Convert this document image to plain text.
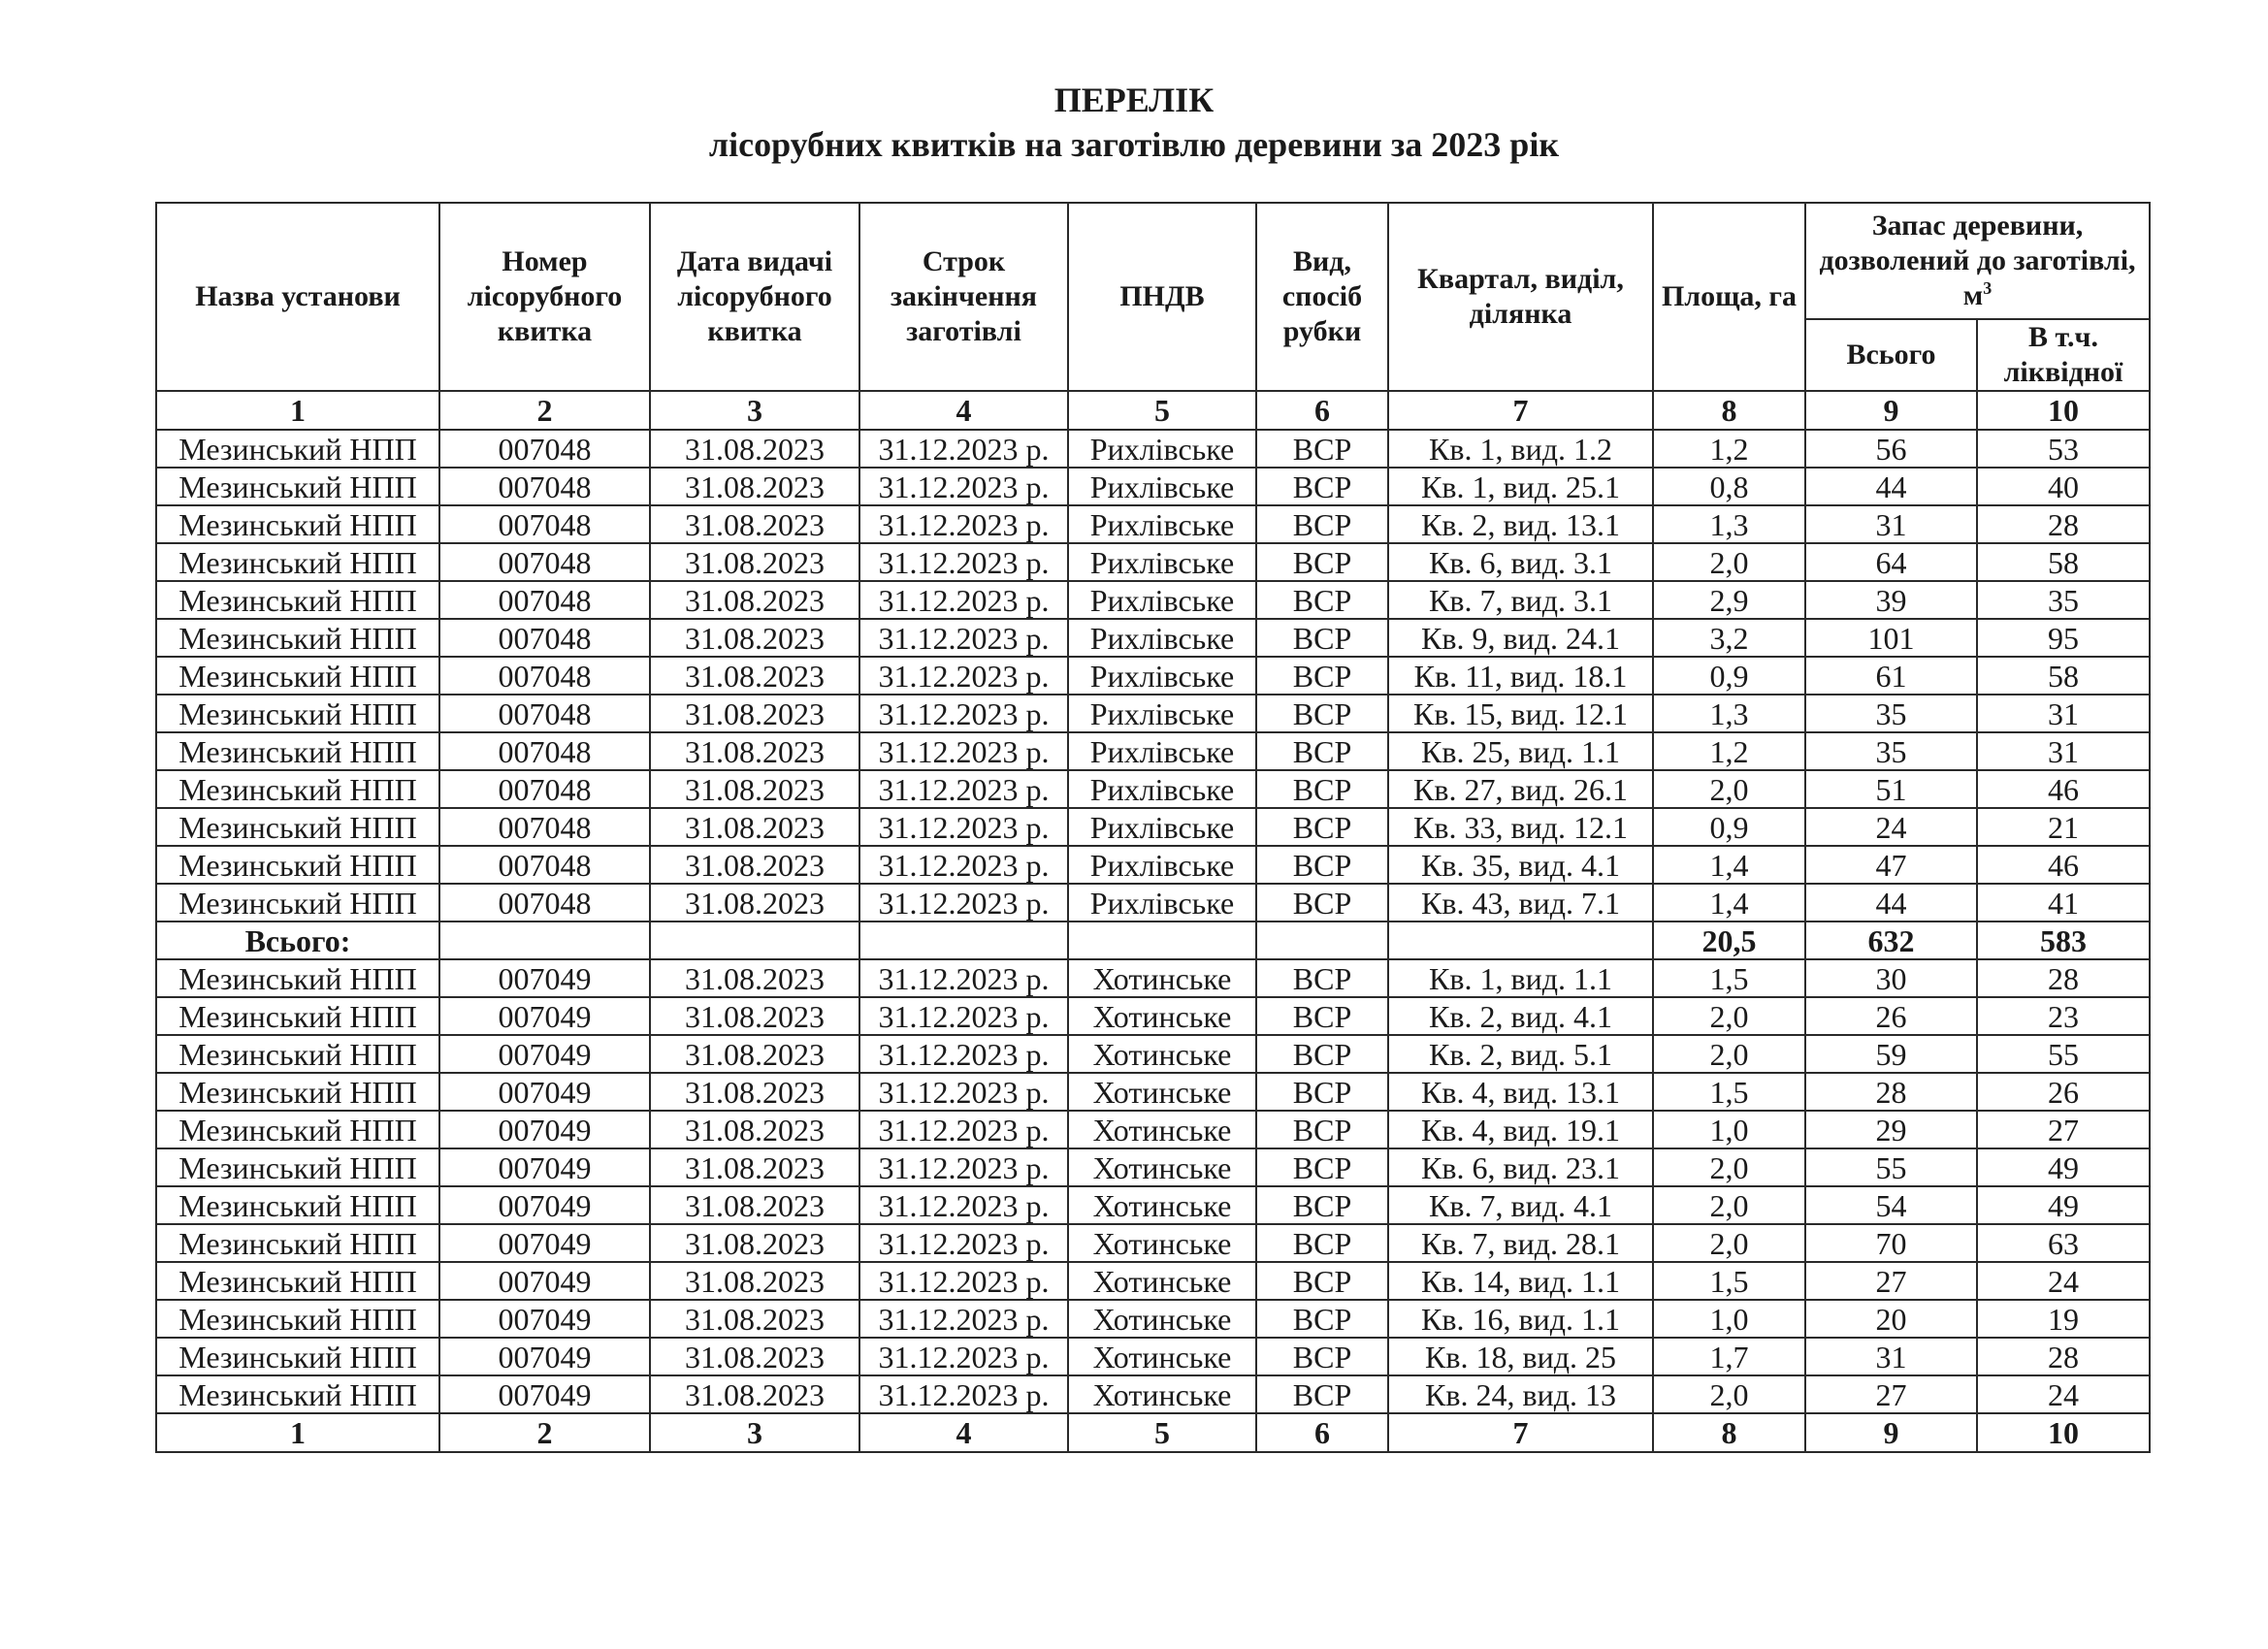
ПЕРЕЛІК
лісорубних квитків на заготівлю деревини за 2023 рік
Назва установи	Номер лісорубного квитка	Дата видачі лісорубного квитка	Строк закінчення заготівлі	ПНДВ	Вид, спосіб рубки	Квартал, виділ, ділянка	Площа, га	Запас деревини, дозволений до заготівлі, $м^3$
								Всього	В т.ч. ліквідної
1	2	3	4	5	6	7	8	9	10
Мезинський НПП	007048	31.08.2023	31.12.2023 р.	Рихлівське	ВСР	Кв. 1, вид. 1.2	1,2	56	53
Мезинський НПП	007048	31.08.2023	31.12.2023 р.	Рихлівське	ВСР	Кв. 1, вид. 25.1	0,8	44	40
Мезинський НПП	007048	31.08.2023	31.12.2023 р.	Рихлівське	ВСР	Кв. 2, вид. 13.1	1,3	31	28
Мезинський НПП	007048	31.08.2023	31.12.2023 р.	Рихлівське	ВСР	Кв. 6, вид. 3.1	2,0	64	58
Мезинський НПП	007048	31.08.2023	31.12.2023 р.	Рихлівське	ВСР	Кв. 7, вид. 3.1	2,9	39	35
Мезинський НПП	007048	31.08.2023	31.12.2023 р.	Рихлівське	ВСР	Кв. 9, вид. 24.1	3,2	101	95
Мезинський НПП	007048	31.08.2023	31.12.2023 р.	Рихлівське	ВСР	Кв. 11, вид. 18.1	0,9	61	58
Мезинський НПП	007048	31.08.2023	31.12.2023 р.	Рихлівське	ВСР	Кв. 15, вид. 12.1	1,3	35	31
Мезинський НПП	007048	31.08.2023	31.12.2023 р.	Рихлівське	ВСР	Кв. 25, вид. 1.1	1,2	35	31
Мезинський НПП	007048	31.08.2023	31.12.2023 р.	Рихлівське	ВСР	Кв. 27, вид. 26.1	2,0	51	46
Мезинський НПП	007048	31.08.2023	31.12.2023 р.	Рихлівське	ВСР	Кв. 33, вид. 12.1	0,9	24	21
Мезинський НПП	007048	31.08.2023	31.12.2023 р.	Рихлівське	ВСР	Кв. 35, вид. 4.1	1,4	47	46
Мезинський НПП	007048	31.08.2023	31.12.2023 р.	Рихлівське	ВСР	Кв. 43, вид. 7.1	1,4	44	41
Всього:							20,5	632	583
Мезинський НПП	007049	31.08.2023	31.12.2023 р.	Хотинське	ВСР	Кв. 1, вид. 1.1	1,5	30	28
Мезинський НПП	007049	31.08.2023	31.12.2023 р.	Хотинське	ВСР	Кв. 2, вид. 4.1	2,0	26	23
Мезинський НПП	007049	31.08.2023	31.12.2023 р.	Хотинське	ВСР	Кв. 2, вид. 5.1	2,0	59	55
Мезинський НПП	007049	31.08.2023	31.12.2023 р.	Хотинське	ВСР	Кв. 4, вид. 13.1	1,5	28	26
Мезинський НПП	007049	31.08.2023	31.12.2023 р.	Хотинське	ВСР	Кв. 4, вид. 19.1	1,0	29	27
Мезинський НПП	007049	31.08.2023	31.12.2023 р.	Хотинське	ВСР	Кв. 6, вид. 23.1	2,0	55	49
Мезинський НПП	007049	31.08.2023	31.12.2023 р.	Хотинське	ВСР	Кв. 7, вид. 4.1	2,0	54	49
Мезинський НПП	007049	31.08.2023	31.12.2023 р.	Хотинське	ВСР	Кв. 7, вид. 28.1	2,0	70	63
Мезинський НПП	007049	31.08.2023	31.12.2023 р.	Хотинське	ВСР	Кв. 14, вид. 1.1	1,5	27	24
Мезинський НПП	007049	31.08.2023	31.12.2023 р.	Хотинське	ВСР	Кв. 16, вид. 1.1	1,0	20	19
Мезинський НПП	007049	31.08.2023	31.12.2023 р.	Хотинське	ВСР	Кв. 18, вид. 25	1,7	31	28
Мезинський НПП	007049	31.08.2023	31.12.2023 р.	Хотинське	ВСР	Кв. 24, вид. 13	2,0	27	24
1	2	3	4	5	6	7	8	9	10
